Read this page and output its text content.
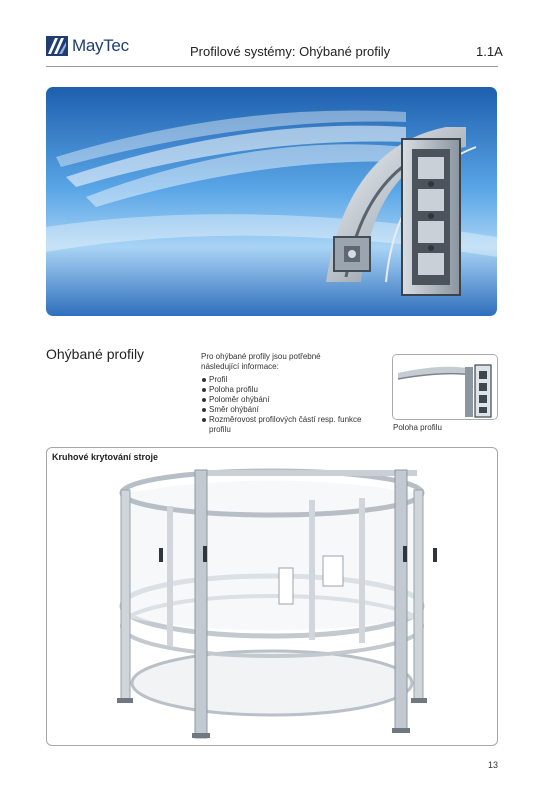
MayTec	Profilové systémy: Ohýbané profily	1.1A
Ohýbané profily	Pro ohýbané profily jsou potřebné následující informace:
Profil
Poloha profilu
Poloměr ohýbání
Směr ohýbání
Rozměrovost profilových částí resp. funkce profilu	Poloha profilu
Kruhové krytování stroje
13
